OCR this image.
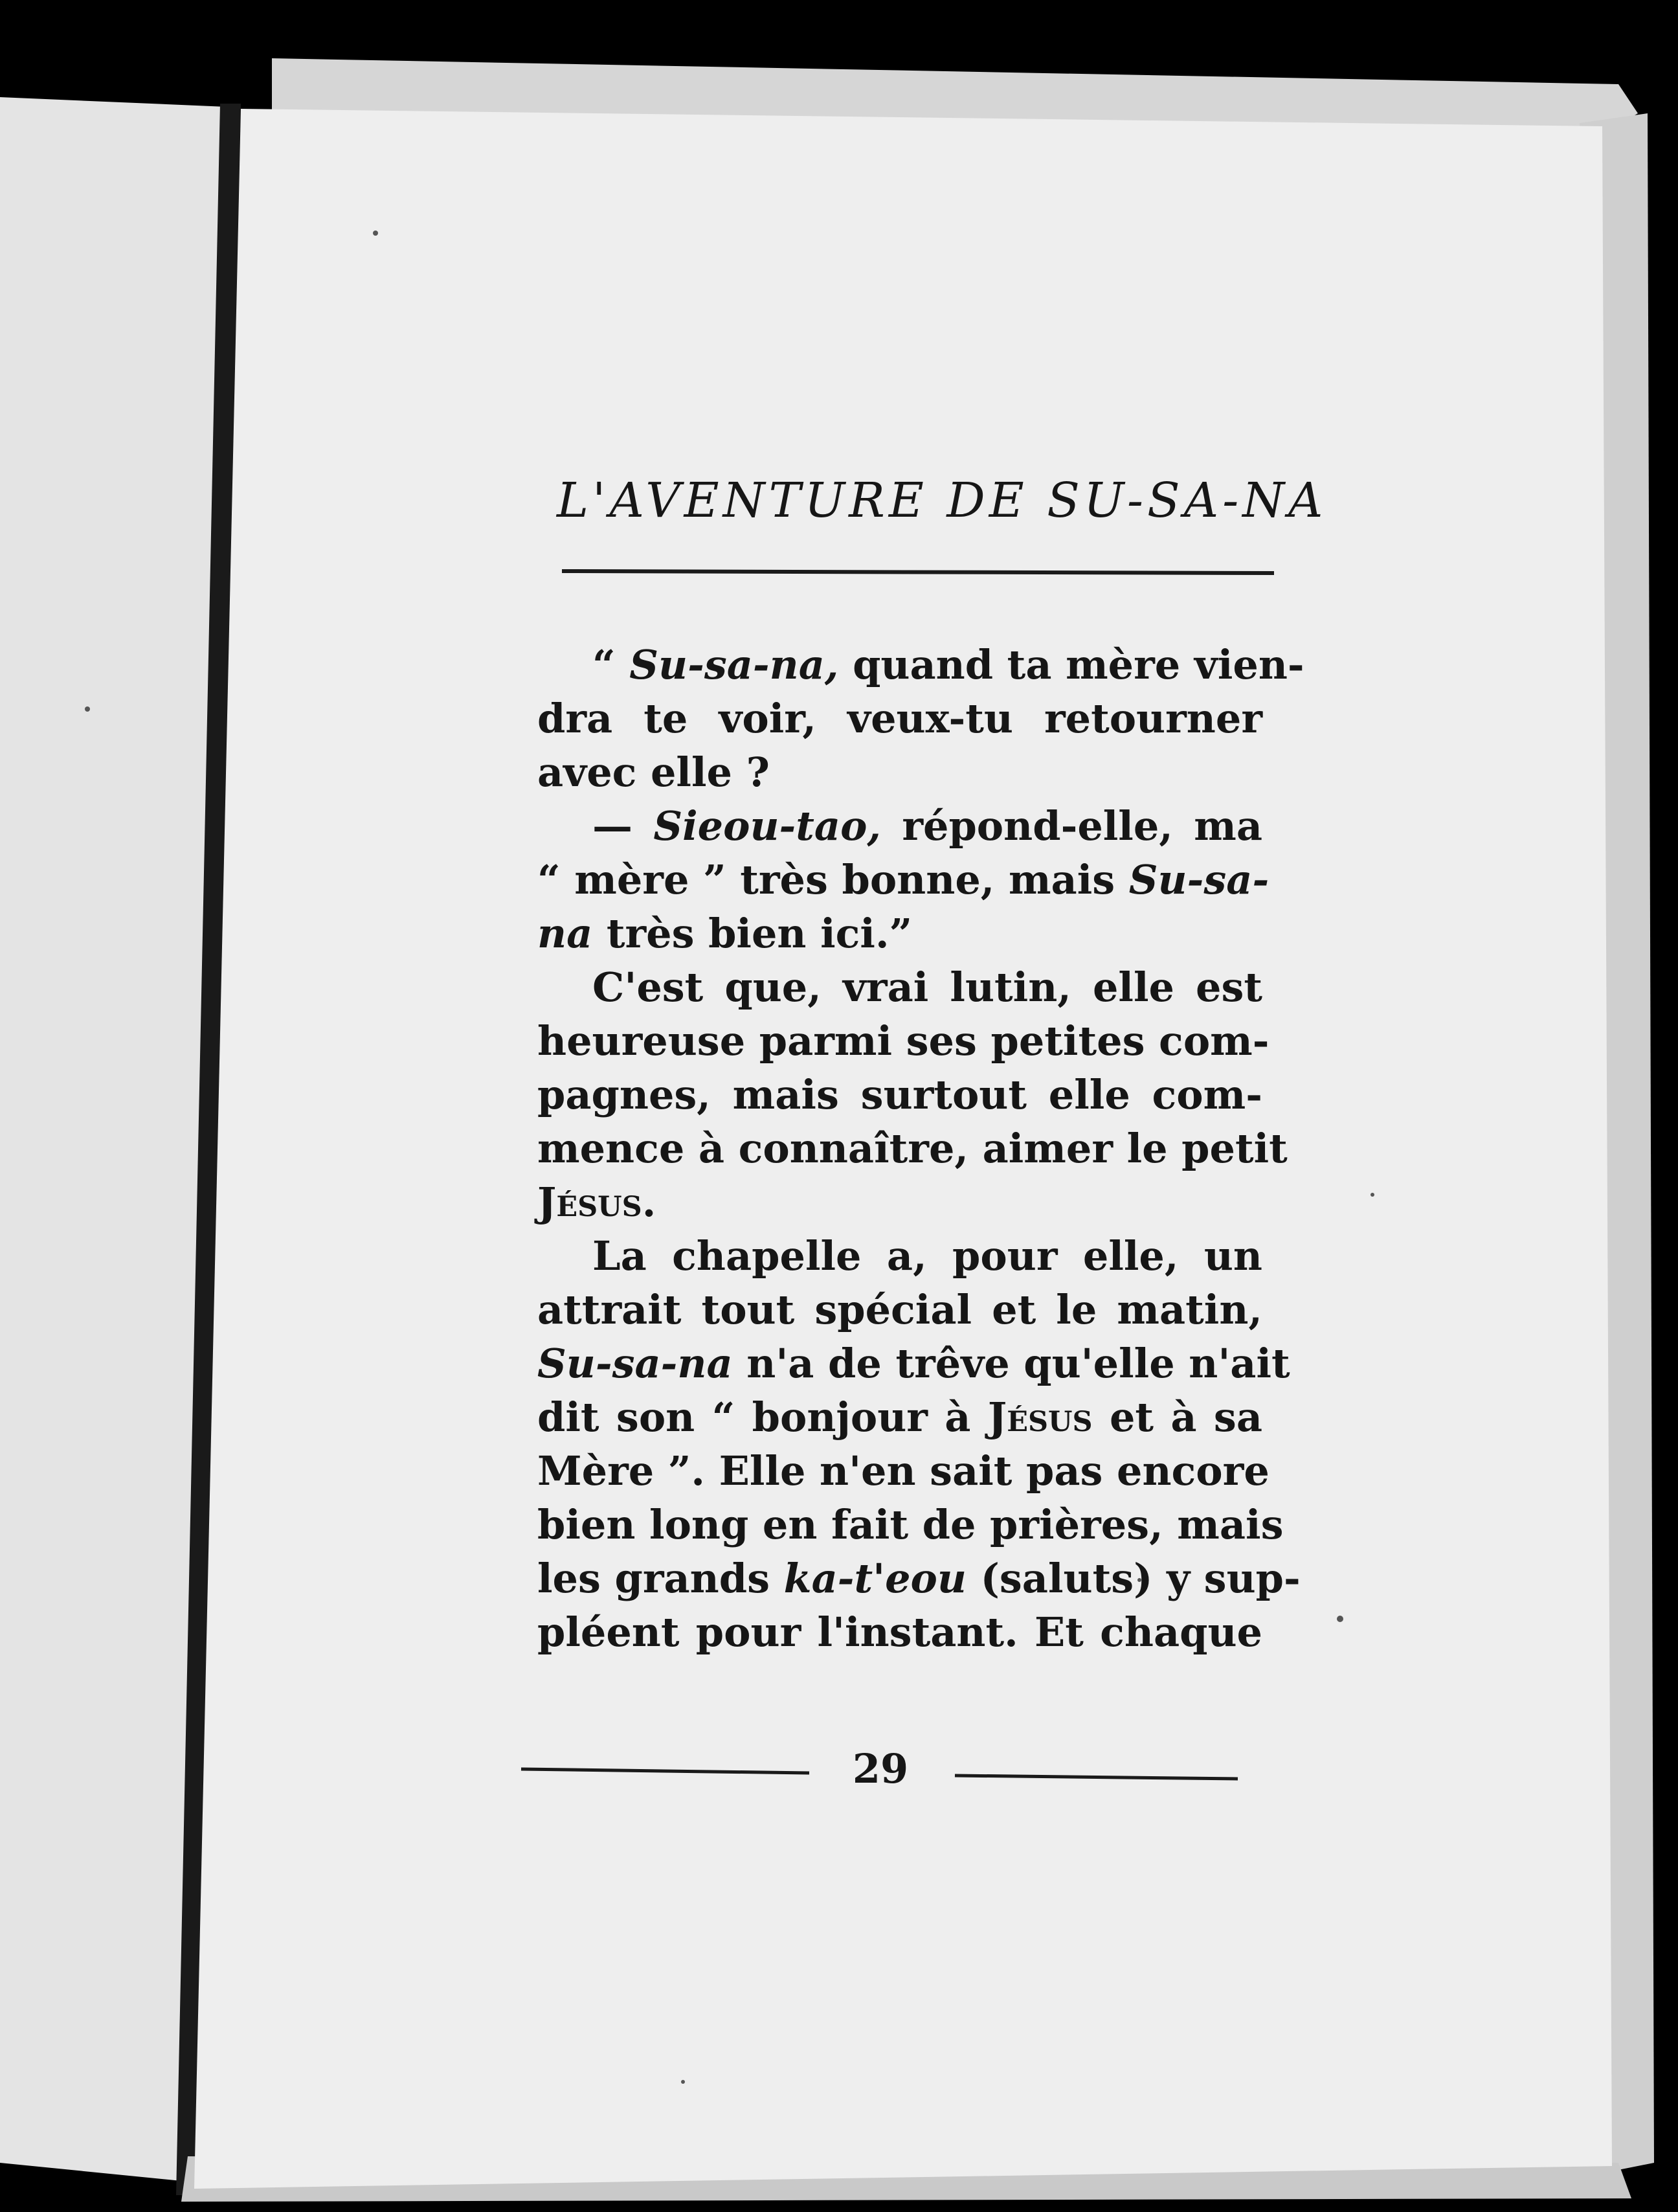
L'AVENTURE DE SU-SA-NA
“ Su-sa-na, quand ta mère vien-
dra te voir, veux-tu retourner
avec elle ?
— Sieou-tao, répond-elle, ma
“ mère ” très bonne, mais Su-sa-
na très bien ici.”
C'est que, vrai lutin, elle est
heureuse parmi ses petites com-
pagnes, mais surtout elle com-
mence à connaître, aimer le petit
Jésus.
La chapelle a, pour elle, un
attrait tout spécial et le matin,
Su-sa-na n'a de trêve qu'elle n'ait
dit son “ bonjour à Jésus et à sa
Mère ”. Elle n'en sait pas encore
bien long en fait de prières, mais
les grands ka-t'eou (saluts) y sup-
pléent pour l'instant. Et chaque
29
